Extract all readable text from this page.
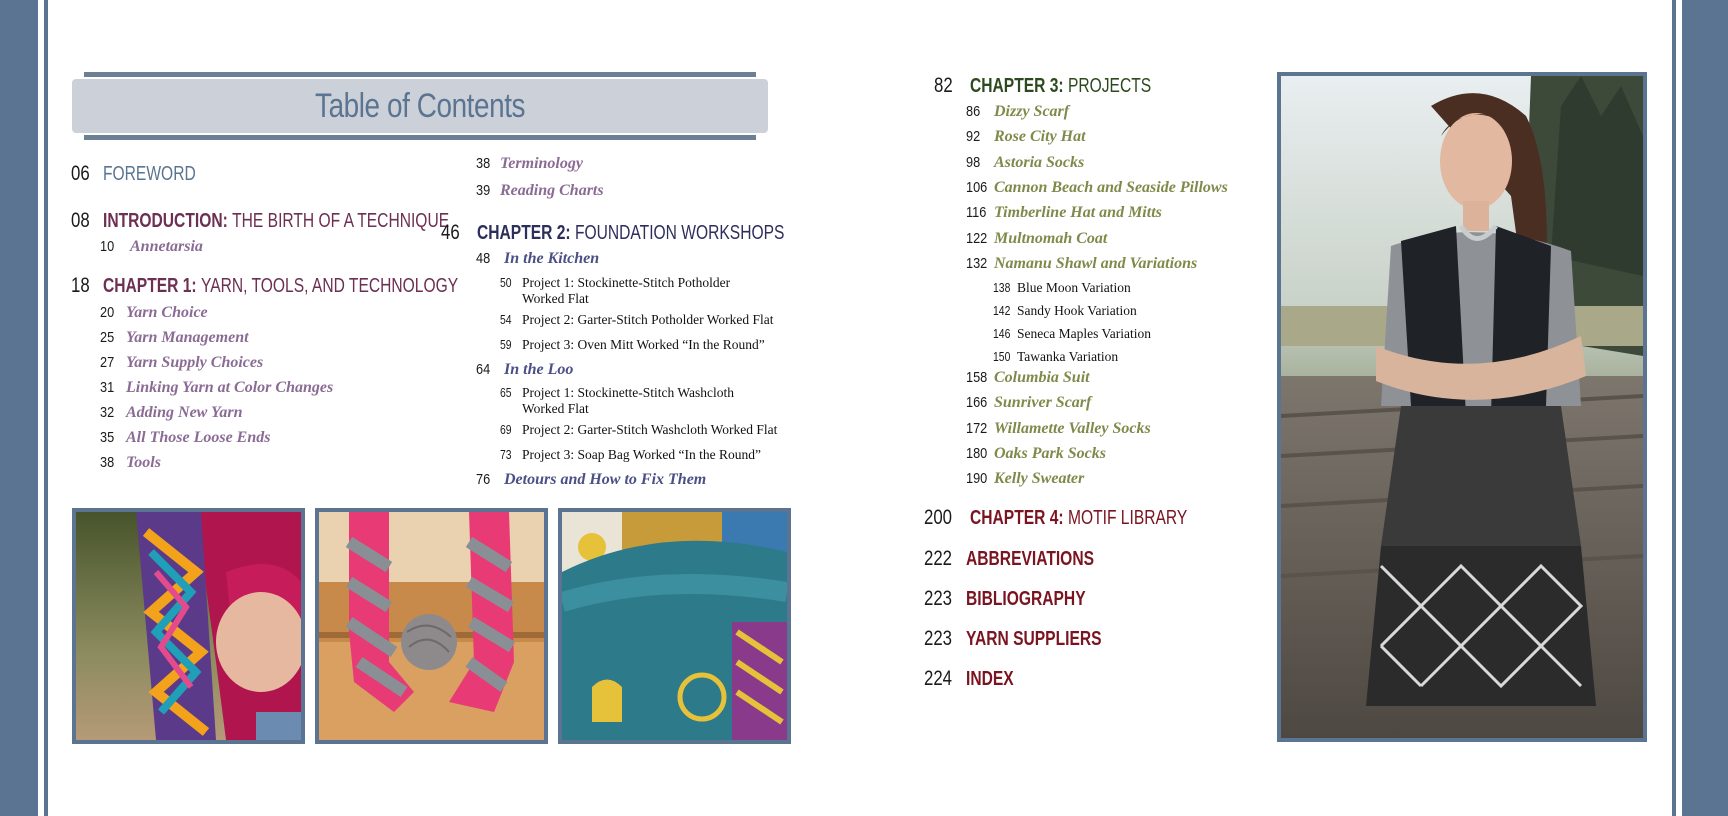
Table of Contents
06 FOREWORD
08 INTRODUCTION: THE BIRTH OF A TECHNIQUE
10 Annetarsia
18 CHAPTER 1: YARN, TOOLS, AND TECHNOLOGY
20 Yarn Choice
25 Yarn Management
27 Yarn Supply Choices
31 Linking Yarn at Color Changes
32 Adding New Yarn
35 All Those Loose Ends
38 Tools
38 Terminology
39 Reading Charts
46 CHAPTER 2: FOUNDATION WORKSHOPS
48 In the Kitchen
50 Project 1: Stockinette-Stitch Potholder
Worked Flat
54 Project 2: Garter-Stitch Potholder Worked Flat
59 Project 3: Oven Mitt Worked “In the Round”
64 In the Loo
65 Project 1: Stockinette-Stitch Washcloth
Worked Flat
69 Project 2: Garter-Stitch Washcloth Worked Flat
73 Project 3: Soap Bag Worked “In the Round”
76 Detours and How to Fix Them
82 CHAPTER 3: PROJECTS
86 Dizzy Scarf
92 Rose City Hat
98 Astoria Socks
106 Cannon Beach and Seaside Pillows
116 Timberline Hat and Mitts
122 Multnomah Coat
132 Namanu Shawl and Variations
138 Blue Moon Variation
142 Sandy Hook Variation
146 Seneca Maples Variation
150 Tawanka Variation
158 Columbia Suit
166 Sunriver Scarf
172 Willamette Valley Socks
180 Oaks Park Socks
190 Kelly Sweater
200 CHAPTER 4: MOTIF LIBRARY
222 ABBREVIATIONS
223 BIBLIOGRAPHY
223 YARN SUPPLIERS
224 INDEX
